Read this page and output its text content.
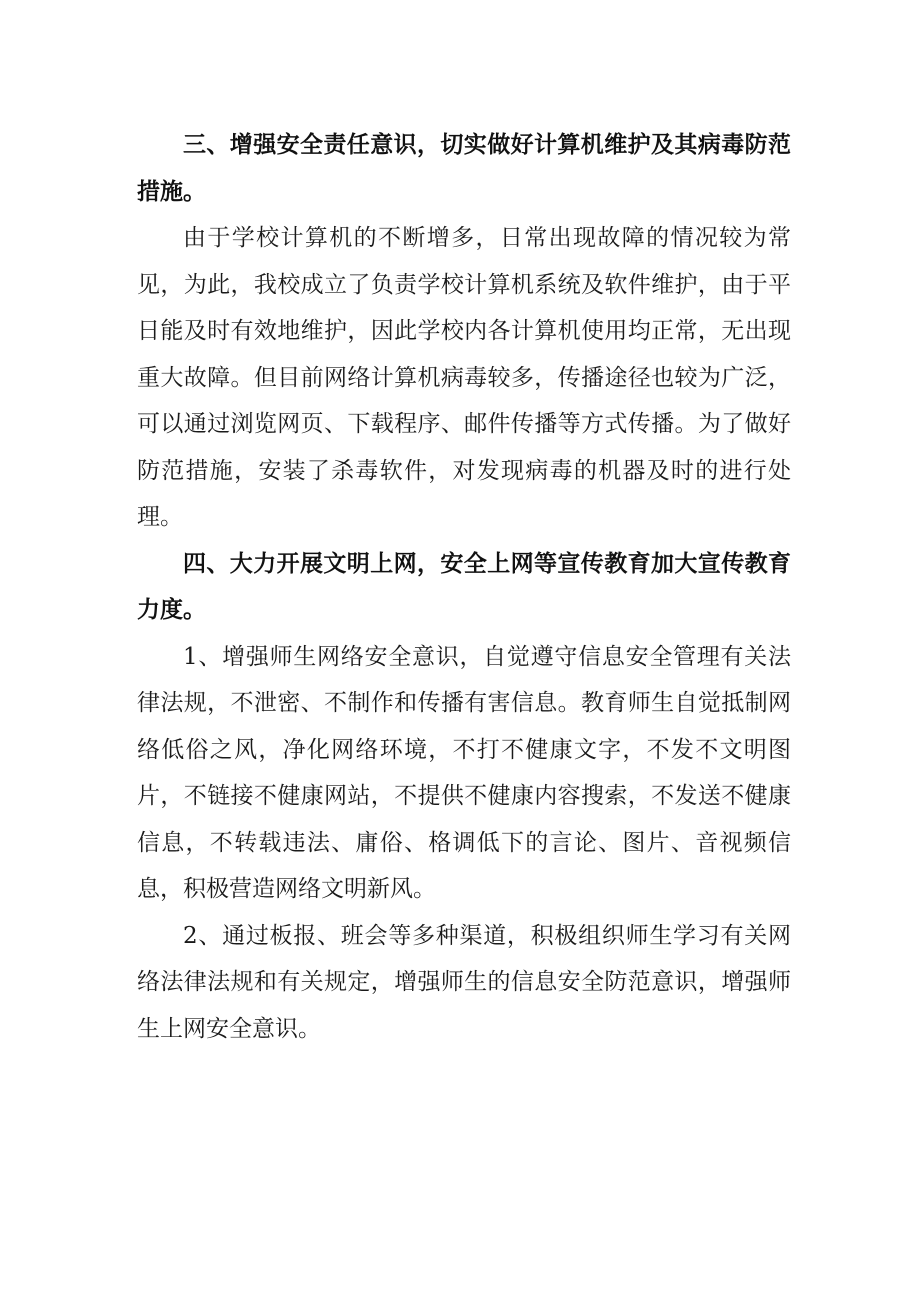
三、增强安全责任意识，切实做好计算机维护及其病毒防范措施。

由于学校计算机的不断增多，日常出现故障的情况较为常见，为此，我校成立了负责学校计算机系统及软件维护，由于平日能及时有效地维护，因此学校内各计算机使用均正常，无出现重大故障。但目前网络计算机病毒较多，传播途径也较为广泛，可以通过浏览网页、下载程序、邮件传播等方式传播。为了做好防范措施，安装了杀毒软件，对发现病毒的机器及时的进行处理。

四、大力开展文明上网，安全上网等宣传教育加大宣传教育力度。

1、增强师生网络安全意识，自觉遵守信息安全管理有关法律法规，不泄密、不制作和传播有害信息。教育师生自觉抵制网络低俗之风，净化网络环境，不打不健康文字，不发不文明图片，不链接不健康网站，不提供不健康内容搜索，不发送不健康信息，不转载违法、庸俗、格调低下的言论、图片、音视频信息，积极营造网络文明新风。

2、通过板报、班会等多种渠道，积极组织师生学习有关网络法律法规和有关规定，增强师生的信息安全防范意识，增强师生上网安全意识。
